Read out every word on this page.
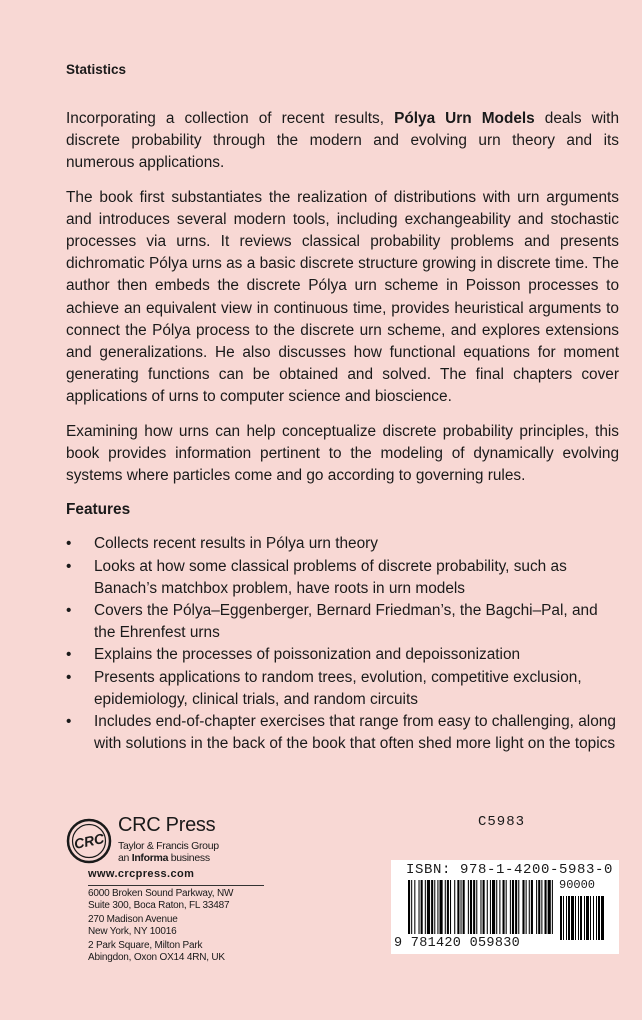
Statistics

Incorporating a collection of recent results, Pólya Urn Models deals with discrete probability through the modern and evolving urn theory and its numerous applications.

The book first substantiates the realization of distributions with urn arguments and introduces several modern tools, including exchangeability and stochastic processes via urns. It reviews classical probability problems and presents dichromatic Pólya urns as a basic discrete structure growing in discrete time. The author then embeds the discrete Pólya urn scheme in Poisson processes to achieve an equivalent view in continuous time, provides heuristical arguments to connect the Pólya process to the discrete urn scheme, and explores extensions and generalizations. He also discusses how functional equations for moment generating functions can be obtained and solved. The final chapters cover applications of urns to computer science and bioscience.

Examining how urns can help conceptualize discrete probability principles, this book provides information pertinent to the modeling of dynamically evolving systems where particles come and go according to governing rules.

Features

• Collects recent results in Pólya urn theory
• Looks at how some classical problems of discrete probability, such as Banach’s matchbox problem, have roots in urn models
• Covers the Pólya–Eggenberger, Bernard Friedman’s, the Bagchi–Pal, and the Ehrenfest urns
• Explains the processes of poissonization and depoissonization
• Presents applications to random trees, evolution, competitive exclusion, epidemiology, clinical trials, and random circuits
• Includes end-of-chapter exercises that range from easy to challenging, along with solutions in the back of the book that often shed more light on the topics
CRC
CRC Press
Taylor & Francis Group
an Informa business
www.crcpress.com
6000 Broken Sound Parkway, NW
Suite 300, Boca Raton, FL 33487
270 Madison Avenue
New York, NY 10016
2 Park Square, Milton Park
Abingdon, Oxon OX14 4RN, UK
C5983
ISBN: 978-1-4200-5983-0
90000
9 781420 059830
